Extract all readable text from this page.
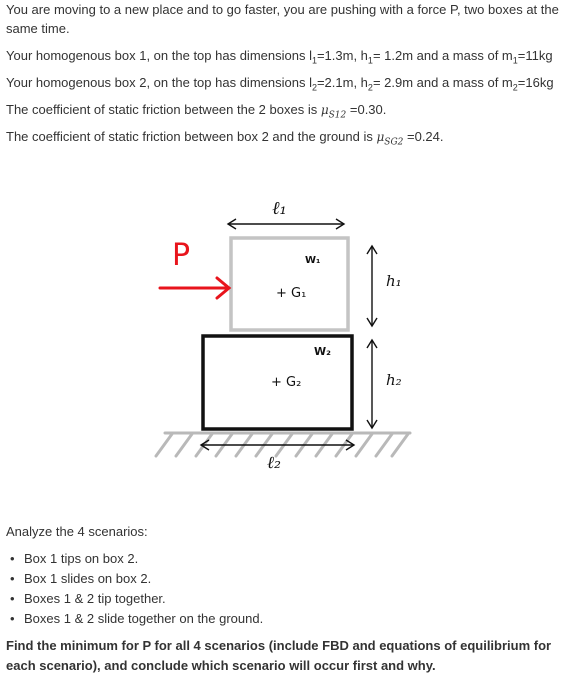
You are moving to a new place and to go faster, you are pushing with a force P, two boxes at the same time.

Your homogenous box 1, on the top has dimensions $l_1=1.3m$, $h_1= 1.2m$ and a mass of $m_1=11kg$

Your homogenous box 2, on the top has dimensions $l_2=2.1m$, $h_2= 2.9m$ and a mass of $m_2=16kg$

The coefficient of static friction between the 2 boxes is $\mu_{S12} =0.30$.

The coefficient of static friction between box 2 and the ground is $\mu_{SG2} =0.24$.

ℓ₁
W₁
+ G₁
P
h₁
W₂
+ G₂	h₂
ℓ₂

Analyze the 4 scenarios:

• Box 1 tips on box 2.
• Box 1 slides on box 2.
• Boxes 1 & 2 tip together.
• Boxes 1 & 2 slide together on the ground.

Find the minimum for P for all 4 scenarios (include FBD and equations of equilibrium for each scenario), and conclude which scenario will occur first and why.
